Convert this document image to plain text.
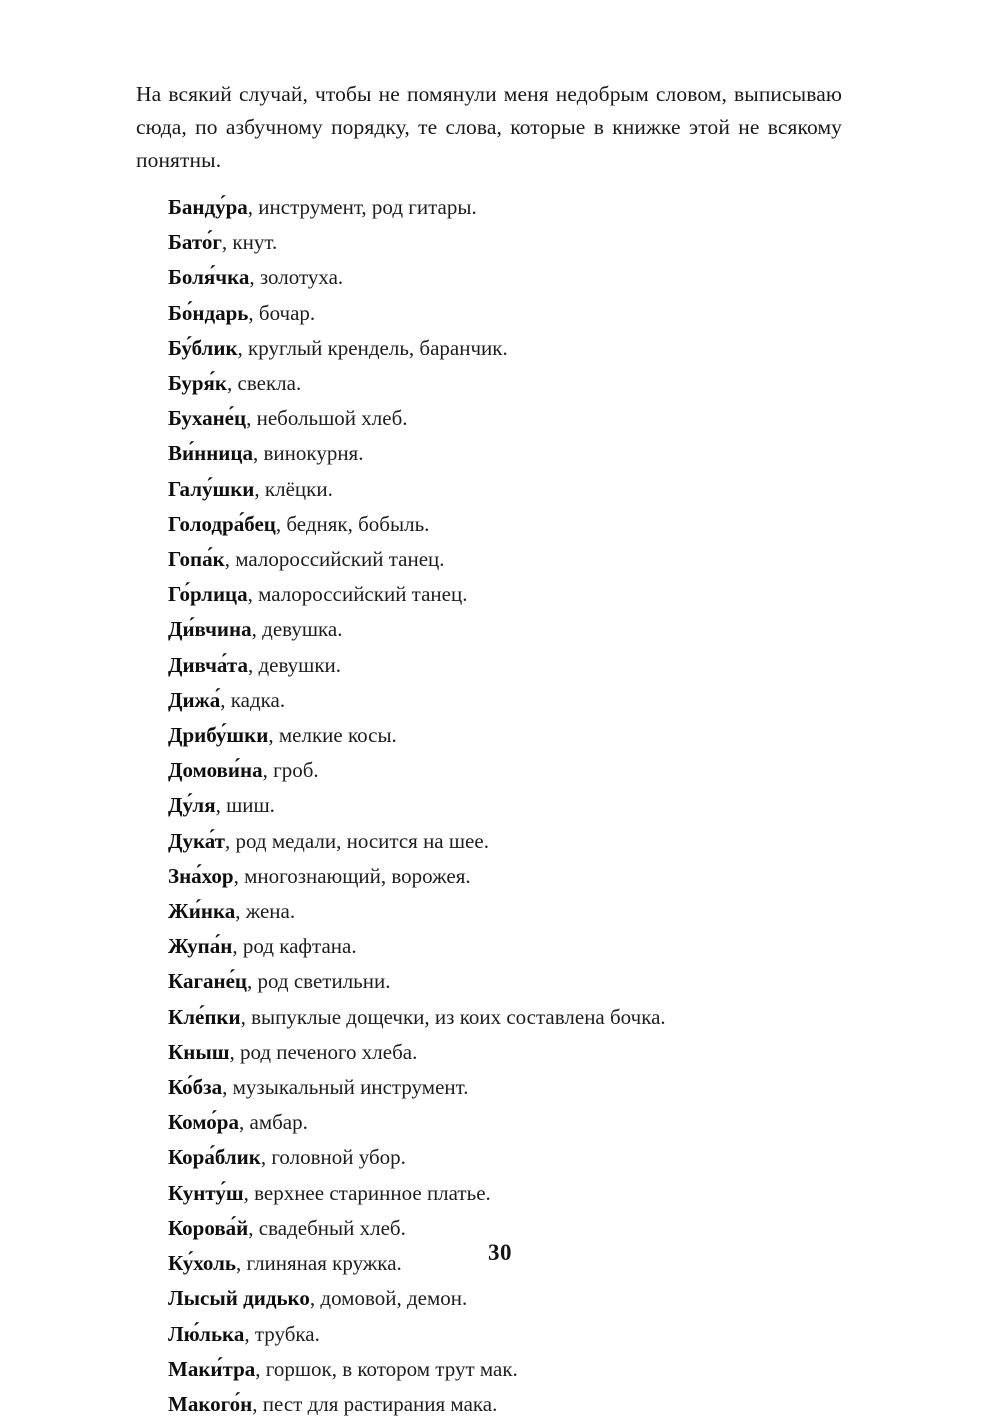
На всякий случай, чтобы не помянули меня недобрым словом, выписываю сюда, по азбучному порядку, те слова, которые в книжке этой не всякому понятны.

Банду́ра, инструмент, род гитары.
Бато́г, кнут.
Боля́чка, золотуха.
Бо́ндарь, бочар.
Бу́блик, круглый крендель, баранчик.
Буря́к, свекла.
Бухане́ц, небольшой хлеб.
Ви́нница, винокурня.
Галу́шки, клёцки.
Голодра́бец, бедняк, бобыль.
Гопа́к, малороссийский танец.
Го́рлица, малороссийский танец.
Ди́вчина, девушка.
Дивча́та, девушки.
Дижа́, кадка.
Дрибу́шки, мелкие косы.
Домови́на, гроб.
Ду́ля, шиш.
Дука́т, род медали, носится на шее.
Зна́хор, многознающий, ворожея.
Жи́нка, жена.
Жупа́н, род кафтана.
Кагане́ц, род светильни.
Кле́пки, выпуклые дощечки, из коих составлена бочка.
Кныш, род печеного хлеба.
Ко́бза, музыкальный инструмент.
Комо́ра, амбар.
Кора́блик, головной убор.
Кунту́ш, верхнее старинное платье.
Корова́й, свадебный хлеб.
Ку́холь, глиняная кружка.
Лысый дидько, домовой, демон.
Лю́лька, трубка.
Маки́тра, горшок, в котором трут мак.
Макого́н, пест для растирания мака.
30
